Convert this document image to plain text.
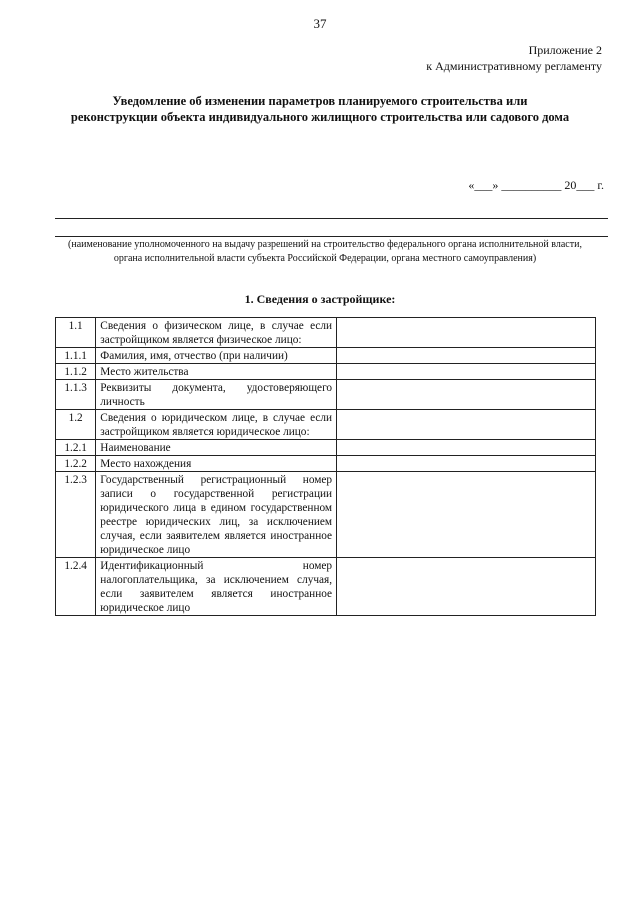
37
Приложение 2
к Административному регламенту
Уведомление об изменении параметров планируемого строительства или реконструкции объекта индивидуального жилищного строительства или садового дома
«___» __________ 20___ г.
(наименование уполномоченного на выдачу разрешений на строительство федерального органа исполнительной власти, органа исполнительной власти субъекта Российской Федерации, органа местного самоуправления)
1. Сведения о застройщике:
1.1	Сведения о физическом лице, в случае если застройщиком является физическое лицо:	
1.1.1	Фамилия, имя, отчество (при наличии)	
1.1.2	Место жительства	
1.1.3	Реквизиты документа, удостоверяющего личность	
1.2	Сведения о юридическом лице, в случае если застройщиком является юридическое лицо:	
1.2.1	Наименование	
1.2.2	Место нахождения	
1.2.3	Государственный регистрационный номер записи о государственной регистрации юридического лица в едином государственном реестре юридических лиц, за исключением случая, если заявителем является иностранное юридическое лицо	
1.2.4	Идентификационный номер налогоплательщика, за исключением случая, если заявителем является иностранное юридическое лицо	
